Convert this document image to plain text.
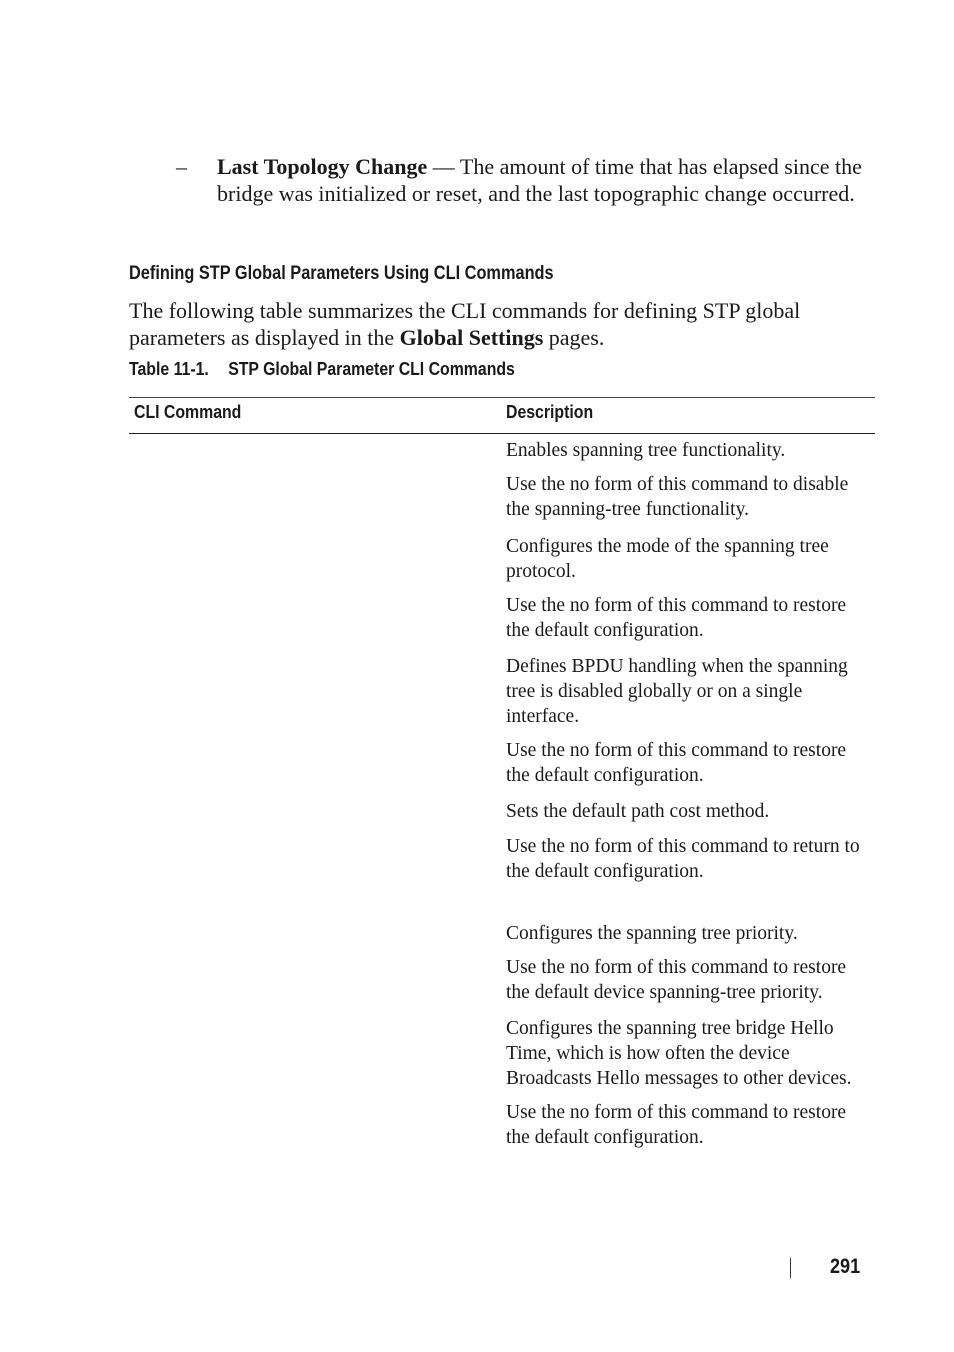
– Last Topology Change — The amount of time that has elapsed since the bridge was initialized or reset, and the last topographic change occurred.
Defining STP Global Parameters Using CLI Commands
The following table summarizes the CLI commands for defining STP global parameters as displayed in the Global Settings pages.
Table 11-1. STP Global Parameter CLI Commands
CLI Command	Description

Enables spanning tree functionality.

Use the no form of this command to disable the spanning-tree functionality.

Configures the mode of the spanning tree protocol.

Use the no form of this command to restore the default configuration.

Defines BPDU handling when the spanning tree is disabled globally or on a single interface.

Use the no form of this command to restore the default configuration.

Sets the default path cost method.

Use the no form of this command to return to the default configuration.

Configures the spanning tree priority.

Use the no form of this command to restore the default device spanning-tree priority.

Configures the spanning tree bridge Hello Time, which is how often the device Broadcasts Hello messages to other devices.

Use the no form of this command to restore the default configuration.

291
